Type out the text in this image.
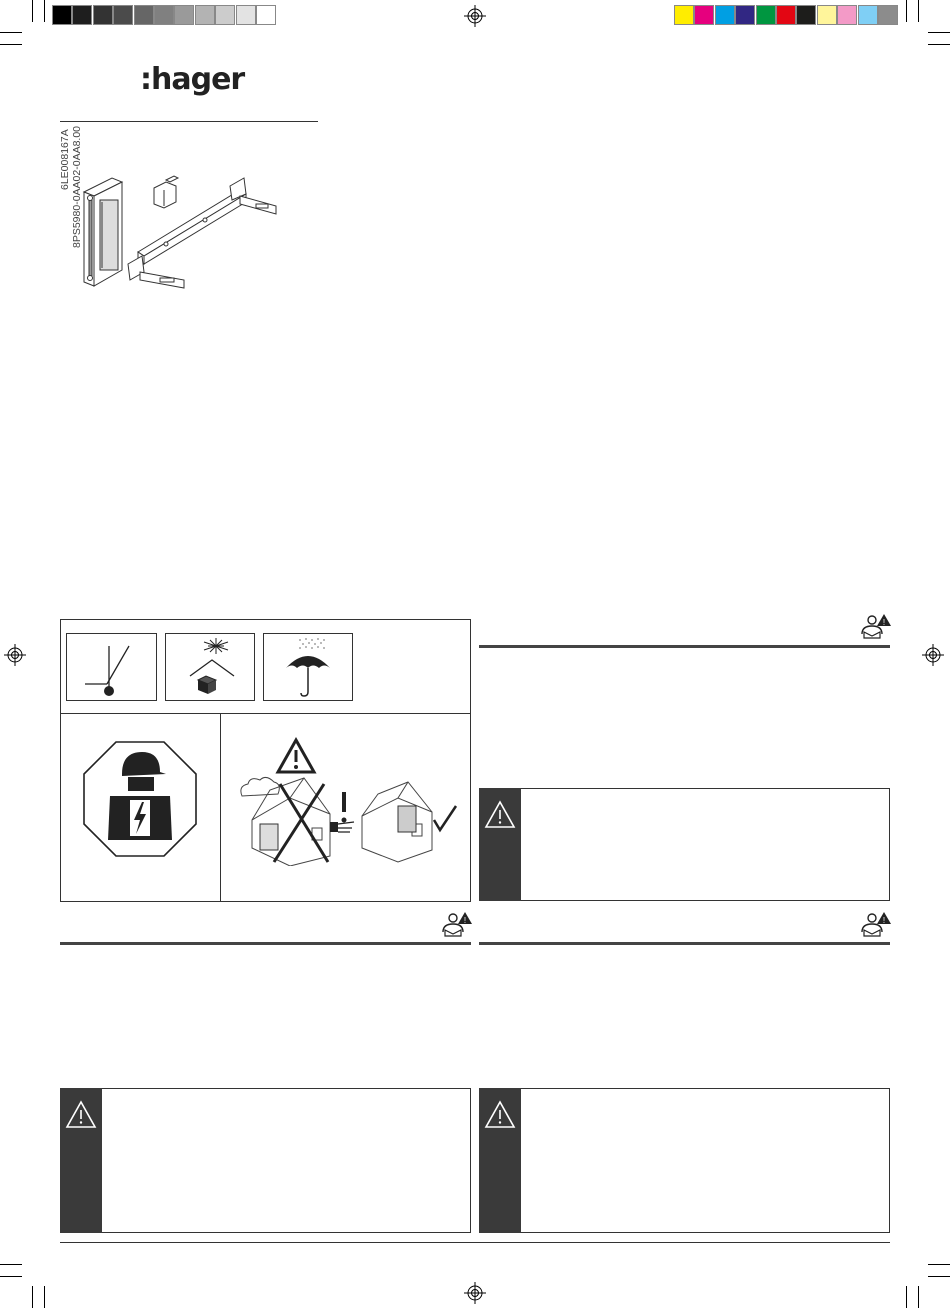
:hager
6LE008167A 8PS5980-0AA02-0AA8.00
!
!	!
